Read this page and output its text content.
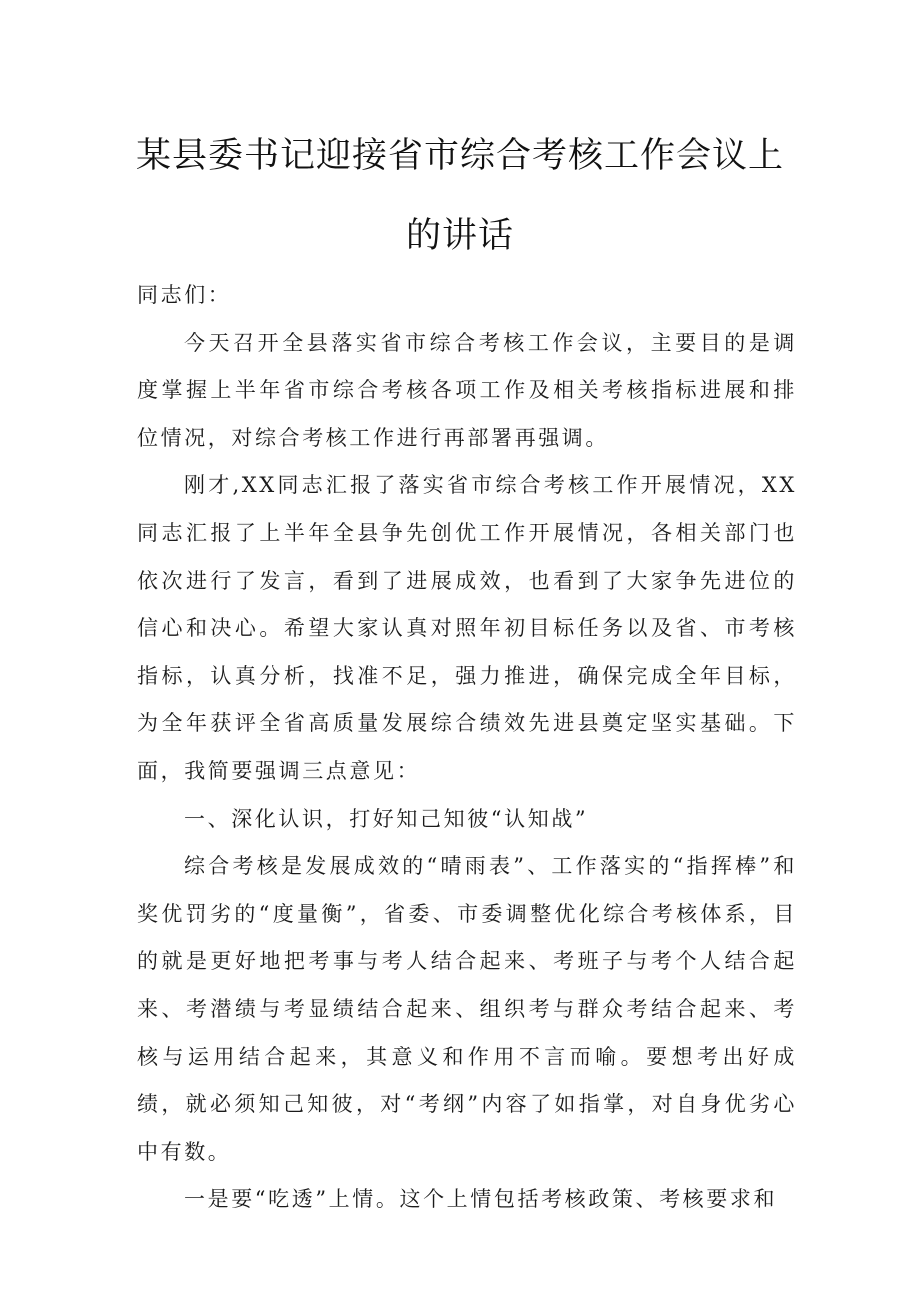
某县委书记迎接省市综合考核工作会议上
的讲话

同志们：

今天召开全县落实省市综合考核工作会议，主要目的是调度掌握上半年省市综合考核各项工作及相关考核指标进展和排位情况，对综合考核工作进行再部署再强调。

刚才,XX同志汇报了落实省市综合考核工作开展情况，XX同志汇报了上半年全县争先创优工作开展情况，各相关部门也依次进行了发言，看到了进展成效，也看到了大家争先进位的信心和决心。希望大家认真对照年初目标任务以及省、市考核指标，认真分析，找准不足，强力推进，确保完成全年目标，为全年获评全省高质量发展综合绩效先进县奠定坚实基础。下面，我简要强调三点意见：

一、深化认识，打好知己知彼“认知战”

综合考核是发展成效的“晴雨表”、工作落实的“指挥棒”和奖优罚劣的“度量衡”，省委、市委调整优化综合考核体系，目的就是更好地把考事与考人结合起来、考班子与考个人结合起来、考潜绩与考显绩结合起来、组织考与群众考结合起来、考核与运用结合起来，其意义和作用不言而喻。要想考出好成绩，就必须知己知彼，对“考纲”内容了如指掌，对自身优劣心中有数。

一是要“吃透”上情。这个上情包括考核政策、考核要求和
